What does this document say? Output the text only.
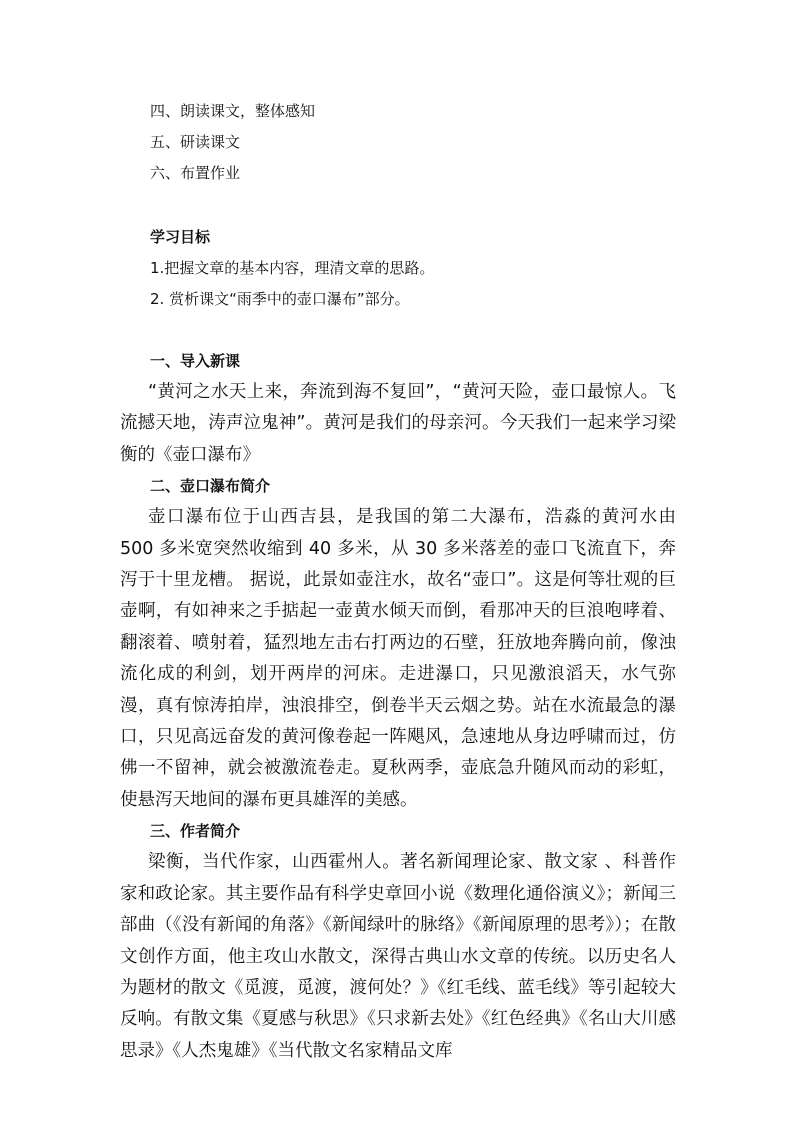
四、朗读课文，整体感知
五、研读课文
六、布置作业
学习目标
1.把握文章的基本内容，理清文章的思路。
2. 赏析课文“雨季中的壶口瀑布”部分。
一、导入新课

“黄河之水天上来，奔流到海不复回”，“黄河天险，壶口最惊人。飞流撼天地，涛声泣鬼神”。黄河是我们的母亲河。今天我们一起来学习梁衡的《壶口瀑布》

二、壶口瀑布简介

壶口瀑布位于山西吉县，是我国的第二大瀑布，浩淼的黄河水由 500 多米宽突然收缩到 40 多米，从 30 多米落差的壶口飞流直下，奔泻于十里龙槽。 据说，此景如壶注水，故名“壶口”。这是何等壮观的巨壶啊，有如神来之手掂起一壶黄水倾天而倒，看那冲天的巨浪咆哮着、翻滚着、喷射着，猛烈地左击右打两边的石壁，狂放地奔腾向前，像浊流化成的利剑，划开两岸的河床。走进瀑口，只见激浪滔天，水气弥漫，真有惊涛拍岸，浊浪排空，倒卷半天云烟之势。站在水流最急的瀑口，只见高远奋发的黄河像卷起一阵飓风，急速地从身边呼啸而过，仿佛一不留神，就会被激流卷走。夏秋两季，壶底急升随风而动的彩虹，使悬泻天地间的瀑布更具雄浑的美感。

三、作者简介

梁衡，当代作家，山西霍州人。著名新闻理论家、散文家 、科普作家和政论家。其主要作品有科学史章回小说《数理化通俗演义》；新闻三部曲（《没有新闻的角落》《新闻绿叶的脉络》《新闻原理的思考》）；在散文创作方面，他主攻山水散文，深得古典山水文章的传统。以历史名人为题材的散文《觅渡，觅渡，渡何处？》《红毛线、蓝毛线》等引起较大反响。有散文集《夏感与秋思》《只求新去处》《红色经典》《名山大川感思录》《人杰鬼雄》《当代散文名家精品文库
